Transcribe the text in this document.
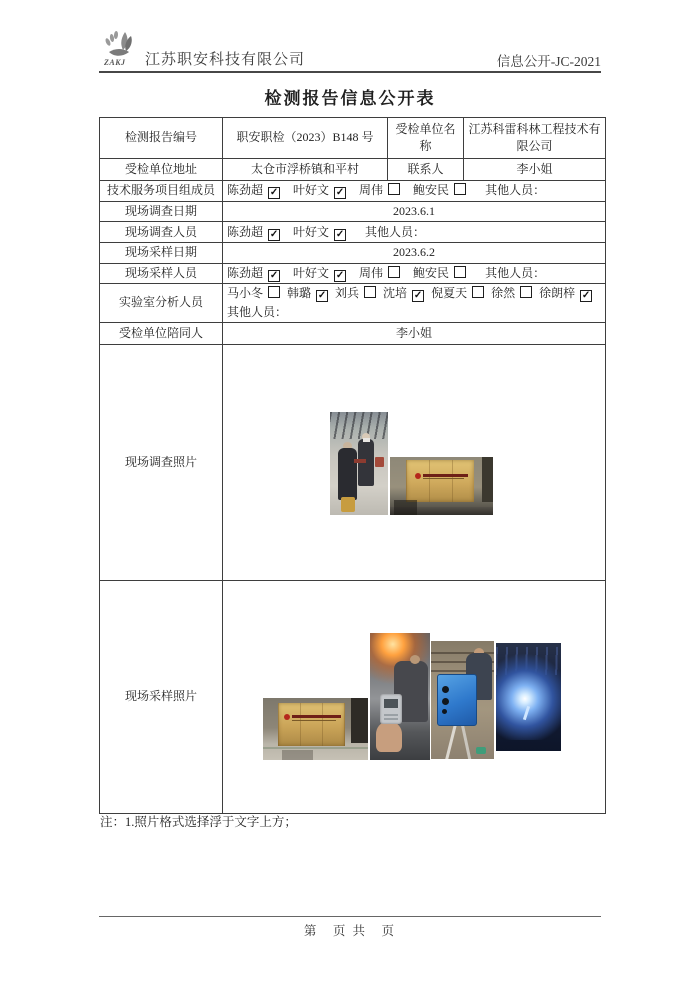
ZAKJ 江苏职安科技有限公司	信息公开-JC-2021
检测报告信息公开表
检测报告编号	职安职检（2023）B148 号	受检单位名称	江苏科雷科林工程技术有限公司
受检单位地址	太仓市浮桥镇和平村	联系人	李小姐
技术服务项目组成员	陈劲超 ✓ 叶好文 ✓ 周伟 鲍安民 其他人员：		
现场调查日期	2023.6.1		
现场调查人员	陈劲超 ✓ 叶好文 ✓ 其他人员：		
现场采样日期	2023.6.2		
现场采样人员	陈劲超 ✓ 叶好文 ✓ 周伟 鲍安民 其他人员：		
实验室分析人员	马小冬 韩璐 ✓ 刘兵 沈培 ✓ 倪夏天 徐然 徐朗梓 ✓
其他人员：		

受检单位陪同人	李小姐		
现场调查照片			

现场采样照片			
注：1.照片格式选择浮于文字上方；
第　页 共　页
